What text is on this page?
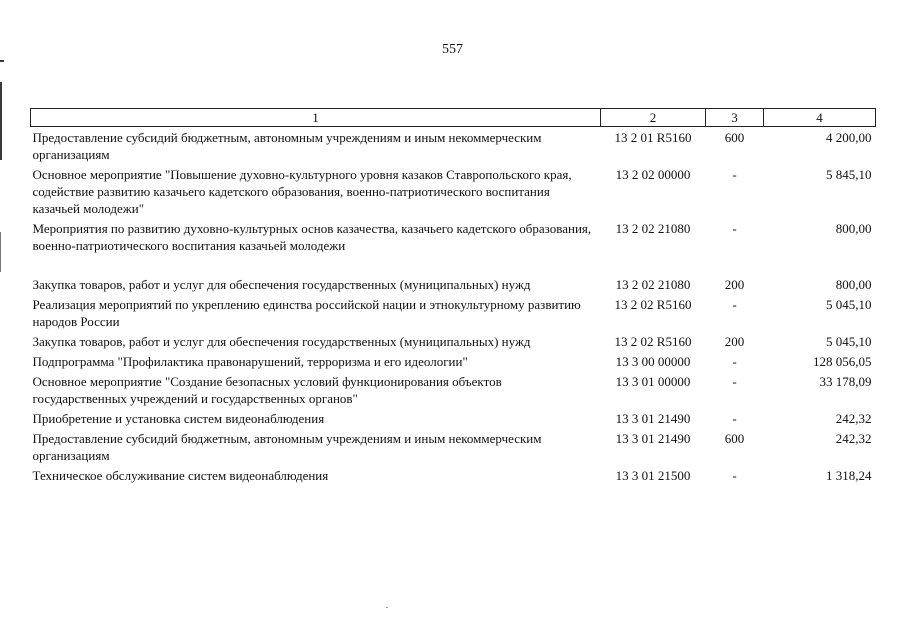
557
1	2	3	4
Предоставление субсидий бюджетным, автономным учреждениям и иным некоммерческим организациям	13 2 01 R5160	600	4 200,00
Основное мероприятие "Повышение духовно-культурного уровня казаков Ставропольского края, содействие развитию казачьего кадетского образования, военно-патриотического воспитания казачьей молодежи"	13 2 02 00000	-	5 845,10
Мероприятия по развитию духовно-культурных основ казачества, казачьего кадетского образования, военно-патриотического воспитания казачьей молодежи	13 2 02 21080	-	800,00
Закупка товаров, работ и услуг для обеспечения государственных (муниципальных) нужд	13 2 02 21080	200	800,00
Реализация мероприятий по укреплению единства российской нации и этнокультурному развитию народов России	13 2 02 R5160	-	5 045,10
Закупка товаров, работ и услуг для обеспечения государственных (муниципальных) нужд	13 2 02 R5160	200	5 045,10
Подпрограмма "Профилактика правонарушений, терроризма и его идеологии"	13 3 00 00000	-	128 056,05
Основное мероприятие "Создание безопасных условий функционирования объектов государственных учреждений и государственных органов"	13 3 01 00000	-	33 178,09
Приобретение и установка систем видеонаблюдения	13 3 01 21490	-	242,32
Предоставление субсидий бюджетным, автономным учреждениям и иным некоммерческим организациям	13 3 01 21490	600	242,32
Техническое обслуживание систем видеонаблюдения	13 3 01 21500	-	1 318,24
